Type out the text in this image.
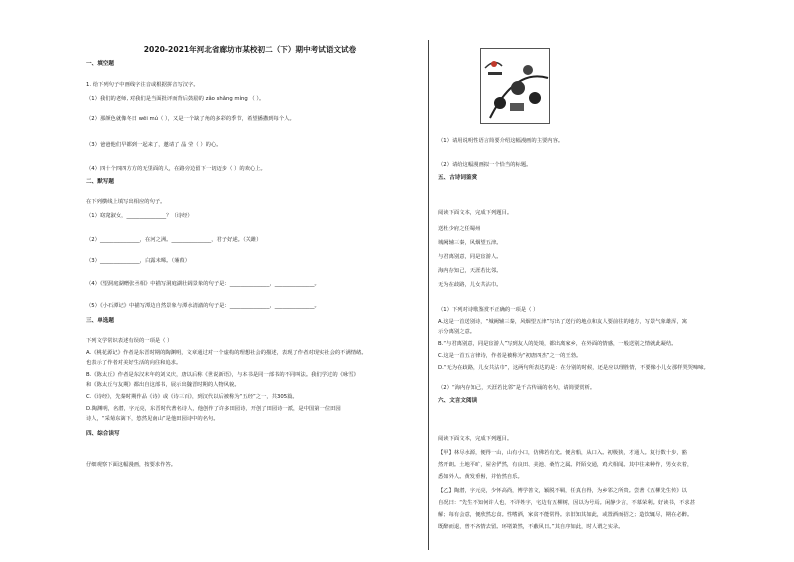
2020-2021年河北省廊坊市某校初二（下）期中考试语文试卷
一、填空题
1. 给下列句子中画线字注音或根据拼音写汉字。
（1）我们的老师, 对我们是当面批评而背后鼓励的 zǎo shǎng míng （ ）。
（2）那颜色就像冬日 wēi mú（ ），又是一个缺了角的多彩的季节，希望播撒到每个人。
（3）爸爸他们早都到一起来了，邀请了 晶 莹（ ）的心。
（4）四十个四四方方的无里面的人，在路旁边留下一切迈步（ ）的欢心上。
二、默写题
在下列横线上填写出相应的句子。
（1）窈窕淑女，_______________？（诗经）
（2）_______________，在河之洲。_______________，君子好逑。（关雎）
（3）_______________，白露未晞。（蒹葭）
（4）《望洞庭湖赠张丞相》中描写洞庭湖壮阔景象的句子是：_______________，_______________。
（5）《小石潭记》中描写潭边自然景象与潭水清澈的句子是：_______________，_______________。
三、单选题
下列文学常识表述有误的一项是（ ）
A.《桃花源记》作者是东晋时期的陶渊明，文章通过对一个虚构的理想社会的描述，表现了作者对现实社会的不满情绪。
也表示了作者对美好生活的向往和追求。
B.《陈太丘》作者是东汉末年的刘义庆，唐以后称《世说新语》，与本书是同一部书的不同叫法。我们学过的《咏雪》
和《陈太丘与友期》都出自这部书，展示出魏晋时期的人物风貌。
C.《诗经》，先秦时期作品《诗》或《诗三百》，到汉代以后被称为“五经”之一，共305篇。
D.陶渊明，名潜，字元亮，东晋时代著名诗人，他创作了许多田园诗，开创了田园诗一派，是中国第一位田园
诗人，“采菊东篱下，悠然见南山”是他田园诗中的名句。
四、综合读写
仔细观察下面这幅漫画，按要求作答。
（1）请用说明性语言简要介绍这幅漫画的主要内容。
（2）请给这幅漫画拟一个恰当的标题。
五、古诗词鉴赏
阅读下面文本，完成下列题目。
送杜少府之任蜀州
城阙辅三秦，风烟望五津。
与君离别意，同是宦游人。
海内存知己，天涯若比邻。
无为在歧路，儿女共沾巾。
（1）下列对诗歌鉴赏不正确的一项是（ ）
A.这是一首送别诗，“城阙辅三秦，风烟望五津”写出了送行的地点和友人要前往的地方，写景气象雄浑，寓
示分离别之意。
B.“与君离别意，同是宦游人”写到友人的处境，都出离家乡，在外面的情感，一般送别之情就此凝结。
C.这是一首五言律诗，作者是被称为“初唐四杰”之一的王勃。
D.“无为在歧路，儿女共沾巾”，这两句所表达的是：在分别的时候，还是应以理胜情，不要像小儿女那样哭哭啼啼。
（2）“海内存知己，天涯若比邻”是千古传诵的名句，请简要赏析。
六、文言文阅读
阅读下面文本，完成下列题目。
【甲】林尽水源，便得一山，山有小口，仿佛若有光。便舍船，从口入。初极狭，才通人。复行数十步，豁
然开朗。土地平旷，屋舍俨然，有良田、美池、桑竹之属。阡陌交通，鸡犬相闻。其中往来种作，男女衣着，
悉如外人。黄发垂髫，并怡然自乐。
【乙】陶潜，字元亮，少怀高尚，博学善文，颖脱不羁，任真自得，为乡邻之所贵。尝著《五柳先生传》以
自况曰：“先生不知何许人也，不详姓字，宅边有五柳树，因以为号焉。闲静少言，不慕荣利。好读书，不求甚
解；每有会意，便欣然忘食。性嗜酒，家贫不能常得。亲旧知其如此，或置酒而招之；造饮辄尽，期在必醉。
既醉而退，曾不吝情去留。环堵萧然，不蔽风日。”其自序如此，时人谓之实录。
